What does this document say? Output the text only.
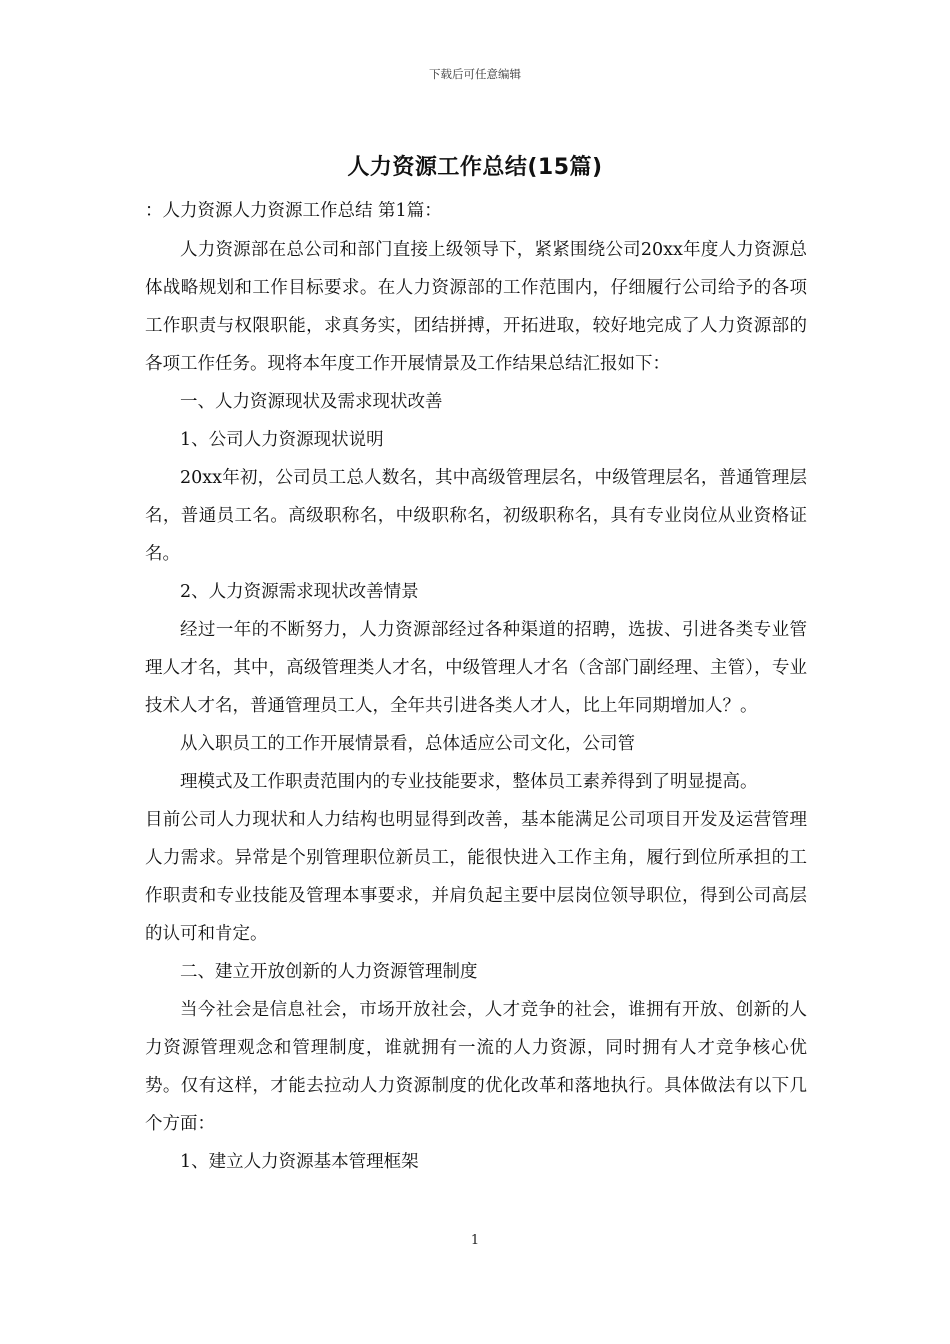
下载后可任意编辑
人力资源工作总结(15篇)

：人力资源人力资源工作总结 第1篇：

人力资源部在总公司和部门直接上级领导下，紧紧围绕公司20xx年度人力资源总体战略规划和工作目标要求。在人力资源部的工作范围内，仔细履行公司给予的各项工作职责与权限职能，求真务实，团结拼搏，开拓进取，较好地完成了人力资源部的各项工作任务。现将本年度工作开展情景及工作结果总结汇报如下：

一、人力资源现状及需求现状改善

1、公司人力资源现状说明

20xx年初，公司员工总人数名，其中高级管理层名，中级管理层名，普通管理层名，普通员工名。高级职称名，中级职称名，初级职称名，具有专业岗位从业资格证名。

2、人力资源需求现状改善情景

经过一年的不断努力，人力资源部经过各种渠道的招聘，选拔、引进各类专业管理人才名，其中，高级管理类人才名，中级管理人才名（含部门副经理、主管），专业技术人才名，普通管理员工人，全年共引进各类人才人，比上年同期增加人？。

从入职员工的工作开展情景看，总体适应公司文化，公司管

理模式及工作职责范围内的专业技能要求，整体员工素养得到了明显提高。

目前公司人力现状和人力结构也明显得到改善，基本能满足公司项目开发及运营管理人力需求。异常是个别管理职位新员工，能很快进入工作主角，履行到位所承担的工作职责和专业技能及管理本事要求，并肩负起主要中层岗位领导职位，得到公司高层的认可和肯定。

二、建立开放创新的人力资源管理制度

当今社会是信息社会，市场开放社会，人才竞争的社会，谁拥有开放、创新的人力资源管理观念和管理制度，谁就拥有一流的人力资源，同时拥有人才竞争核心优势。仅有这样，才能去拉动人力资源制度的优化改革和落地执行。具体做法有以下几个方面：

1、建立人力资源基本管理框架

1
